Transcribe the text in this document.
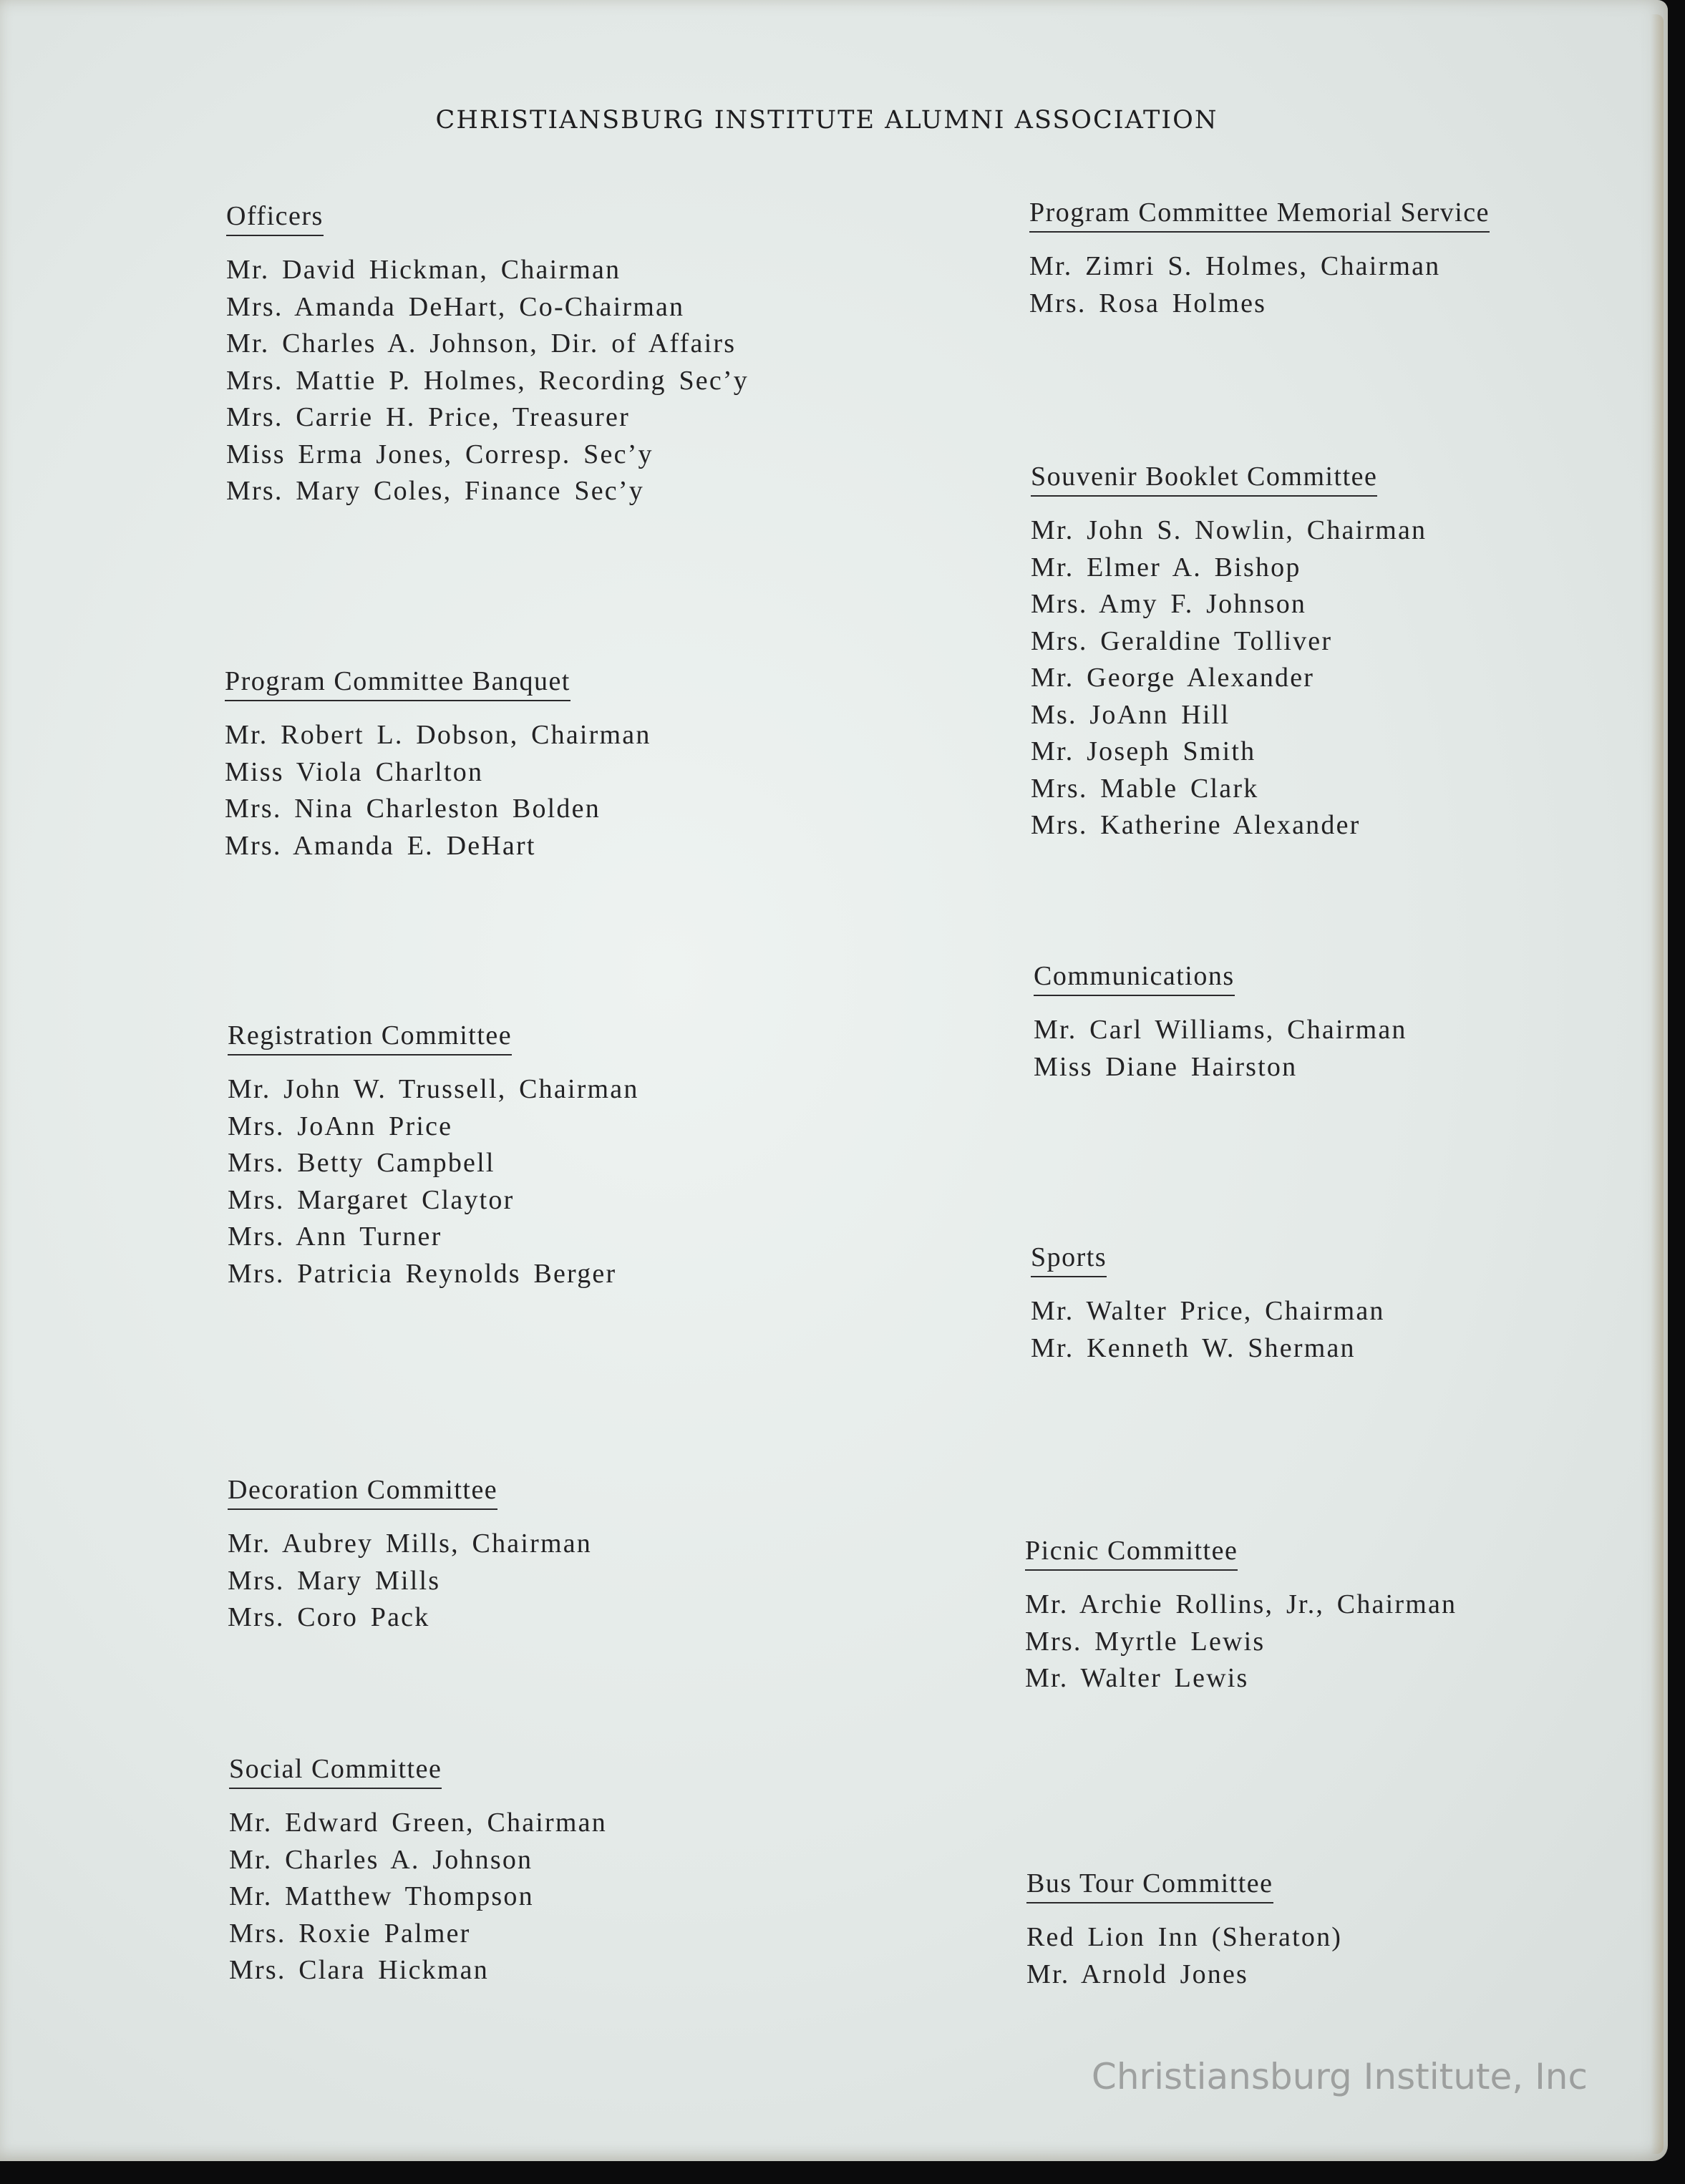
CHRISTIANSBURG INSTITUTE ALUMNI ASSOCIATION
Officers
Mr. David Hickman, Chairman
Mrs. Amanda DeHart, Co-Chairman
Mr. Charles A. Johnson, Dir. of Affairs
Mrs. Mattie P. Holmes, Recording Sec’y
Mrs. Carrie H. Price, Treasurer
Miss Erma Jones, Corresp. Sec’y
Mrs. Mary Coles, Finance Sec’y
Program Committee Banquet
Mr. Robert L. Dobson, Chairman
Miss Viola Charlton
Mrs. Nina Charleston Bolden
Mrs. Amanda E. DeHart
Registration Committee
Mr. John W. Trussell, Chairman
Mrs. JoAnn Price
Mrs. Betty Campbell
Mrs. Margaret Claytor
Mrs. Ann Turner
Mrs. Patricia Reynolds Berger
Decoration Committee
Mr. Aubrey Mills, Chairman
Mrs. Mary Mills
Mrs. Coro Pack
Social Committee
Mr. Edward Green, Chairman
Mr. Charles A. Johnson
Mr. Matthew Thompson
Mrs. Roxie Palmer
Mrs. Clara Hickman
Program Committee Memorial Service
Mr. Zimri S. Holmes, Chairman
Mrs. Rosa Holmes
Souvenir Booklet Committee
Mr. John S. Nowlin, Chairman
Mr. Elmer A. Bishop
Mrs. Amy F. Johnson
Mrs. Geraldine Tolliver
Mr. George Alexander
Ms. JoAnn Hill
Mr. Joseph Smith
Mrs. Mable Clark
Mrs. Katherine Alexander
Communications
Mr. Carl Williams, Chairman
Miss Diane Hairston
Sports
Mr. Walter Price, Chairman
Mr. Kenneth W. Sherman
Picnic Committee
Mr. Archie Rollins, Jr., Chairman
Mrs. Myrtle Lewis
Mr. Walter Lewis
Bus Tour Committee
Red Lion Inn (Sheraton)
Mr. Arnold Jones
Christiansburg Institute, Inc
